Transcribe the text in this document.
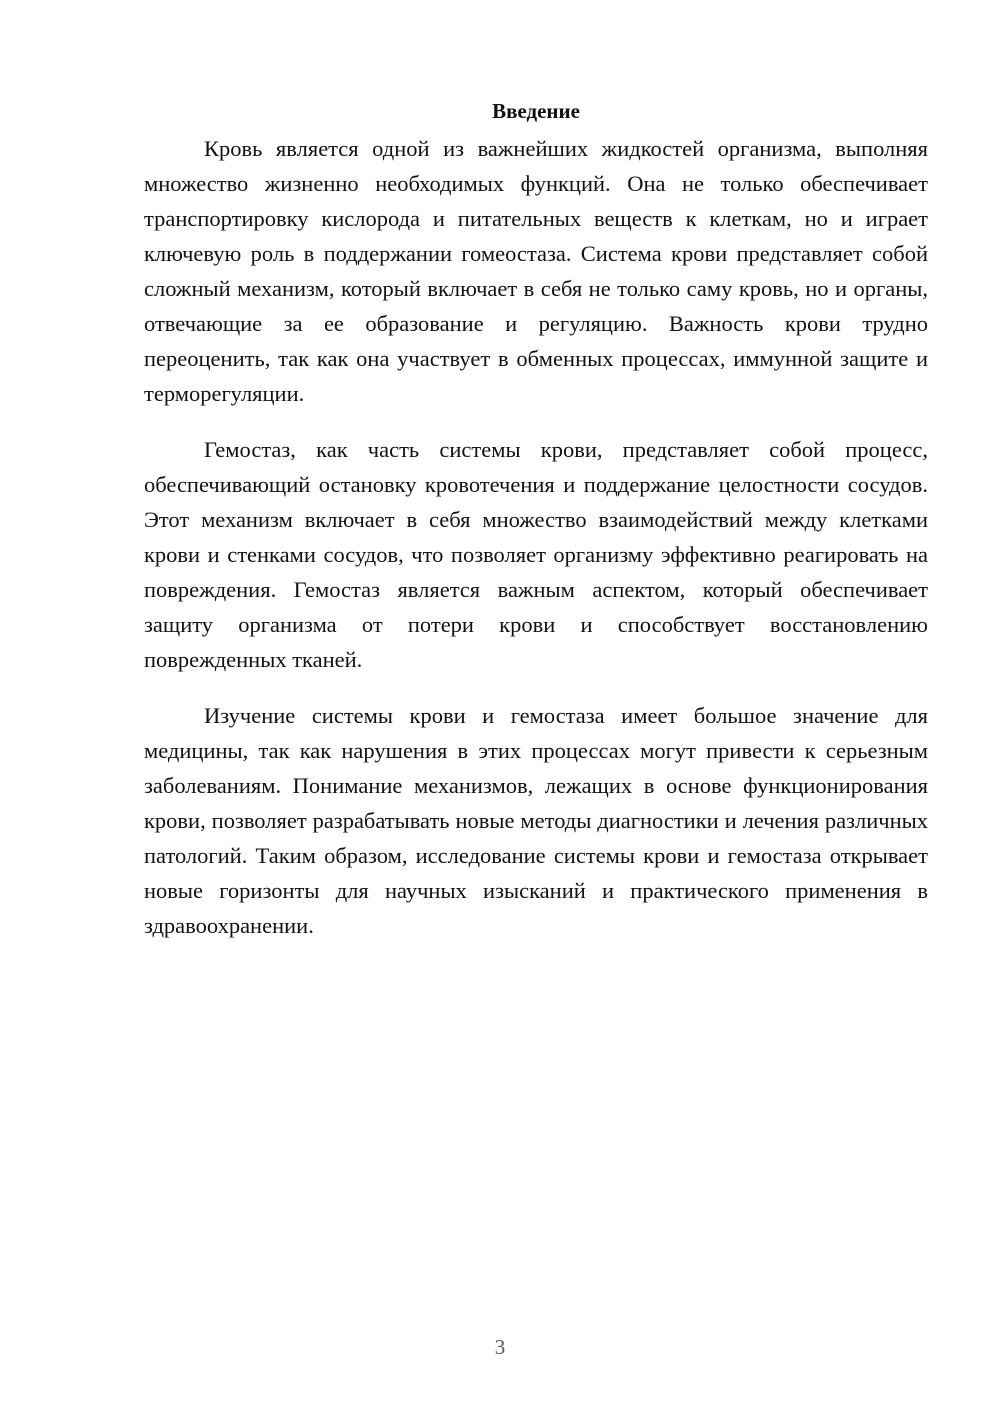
Введение

Кровь является одной из важнейших жидкостей организма, выполняя множество жизненно необходимых функций. Она не только обеспечивает транспортировку кислорода и питательных веществ к клеткам, но и играет ключевую роль в поддержании гомеостаза. Система крови представляет собой сложный механизм, который включает в себя не только саму кровь, но и органы, отвечающие за ее образование и регуляцию. Важность крови трудно переоценить, так как она участвует в обменных процессах, иммунной защите и терморегуляции.

Гемостаз, как часть системы крови, представляет собой процесс, обеспечивающий остановку кровотечения и поддержание целостности сосудов. Этот механизм включает в себя множество взаимодействий между клетками крови и стенками сосудов, что позволяет организму эффективно реагировать на повреждения. Гемостаз является важным аспектом, который обеспечивает защиту организма от потери крови и способствует восстановлению поврежденных тканей.

Изучение системы крови и гемостаза имеет большое значение для медицины, так как нарушения в этих процессах могут привести к серьезным заболеваниям. Понимание механизмов, лежащих в основе функционирования крови, позволяет разрабатывать новые методы диагностики и лечения различных патологий. Таким образом, исследование системы крови и гемостаза открывает новые горизонты для научных изысканий и практического применения в здравоохранении.

3
